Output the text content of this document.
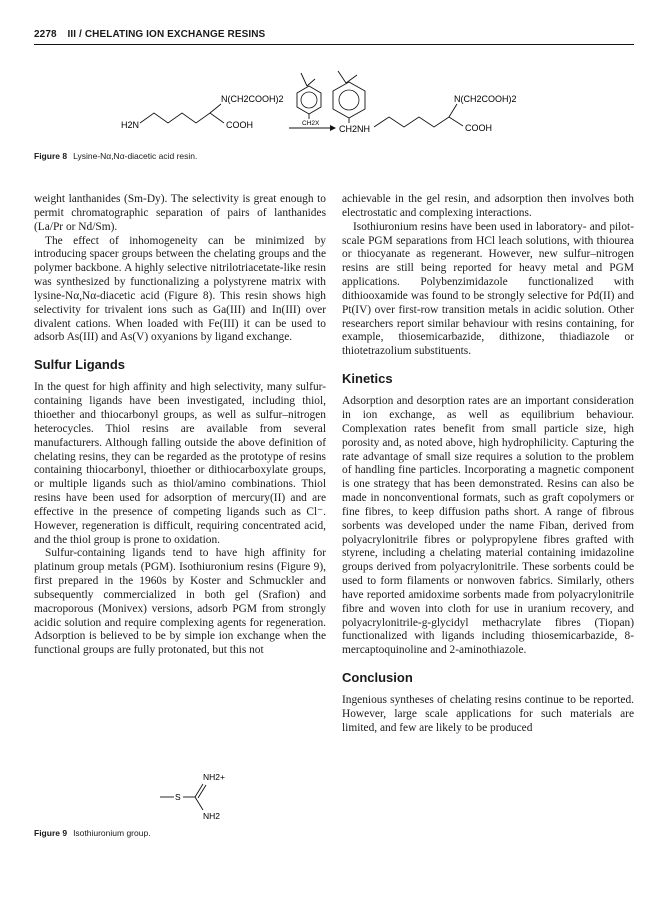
2278 III / CHELATING ION EXCHANGE RESINS
H2N
N(CH2COOH)2
COOH	CH2X
CH2NH
N(CH2COOH)2
COOH
Figure 8 Lysine-Nα,Nα-diacetic acid resin.

weight lanthanides (Sm-Dy). The selectivity is great enough to permit chromatographic separation of pairs of lanthanides (La/Pr or Nd/Sm).

The effect of inhomogeneity can be minimized by introducing spacer groups between the chelating groups and the polymer backbone. A highly selective nitrilotriacetate-like resin was synthesized by functionalizing a polystyrene matrix with lysine-Nα,Nα-diacetic acid (Figure 8). This resin shows high selectivity for trivalent ions such as Ga(III) and In(III) over divalent cations. When loaded with Fe(III) it can be used to adsorb As(III) and As(V) oxyanions by ligand exchange.

Sulfur Ligands

In the quest for high affinity and high selectivity, many sulfur-containing ligands have been investigated, including thiol, thioether and thiocarbonyl groups, as well as sulfur–nitrogen heterocycles. Thiol resins are available from several manufacturers. Although falling outside the above definition of chelating resins, they can be regarded as the prototype of resins containing thiocarbonyl, thioether or dithiocarboxylate groups, or multiple ligands such as thiol/amino combinations. Thiol resins have been used for adsorption of mercury(II) and are effective in the presence of competing ligands such as Cl⁻. However, regeneration is difficult, requiring concentrated acid, and the thiol group is prone to oxidation.

Sulfur-containing ligands tend to have high affinity for platinum group metals (PGM). Isothiuronium resins (Figure 9), first prepared in the 1960s by Koster and Schmuckler and subsequently commercialized in both gel (Srafion) and macroporous (Monivex) versions, adsorb PGM from strongly acidic solution and require complexing agents for regeneration. Adsorption is believed to be by simple ion exchange when the functional groups are fully protonated, but this not

S
NH2+
NH2
Figure 9 Isothiuronium group.

achievable in the gel resin, and adsorption then involves both electrostatic and complexing interactions.

Isothiuronium resins have been used in laboratory- and pilot-scale PGM separations from HCl leach solutions, with thiourea or thiocyanate as regenerant. However, new sulfur–nitrogen resins are still being reported for heavy metal and PGM applications. Polybenzimidazole functionalized with dithiooxamide was found to be strongly selective for Pd(II) and Pt(IV) over first-row transition metals in acidic solution. Other researchers report similar behaviour with resins containing, for example, thiosemicarbazide, dithizone, thiadiazole or thiotetrazolium substituents.

Kinetics

Adsorption and desorption rates are an important consideration in ion exchange, as well as equilibrium behaviour. Complexation rates benefit from small particle size, high porosity and, as noted above, high hydrophilicity. Capturing the rate advantage of small size requires a solution to the problem of handling fine particles. Incorporating a magnetic component is one strategy that has been demonstrated. Resins can also be made in nonconventional formats, such as graft copolymers or fine fibres, to keep diffusion paths short. A range of fibrous sorbents was developed under the name Fiban, derived from polyacrylonitrile fibres or polypropylene fibres grafted with styrene, including a chelating material containing imidazoline groups derived from polyacrylonitrile. These sorbents could be used to form filaments or nonwoven fabrics. Similarly, others have reported amidoxime sorbents made from polyacrylonitrile fibre and woven into cloth for use in uranium recovery, and polyacrylonitrile-g-glycidyl methacrylate fibres (Tiopan) functionalized with ligands including thiosemicarbazide, 8-mercaptoquinoline and 2-aminothiazole.

Conclusion

Ingenious syntheses of chelating resins continue to be reported. However, large scale applications for such materials are limited, and few are likely to be produced
